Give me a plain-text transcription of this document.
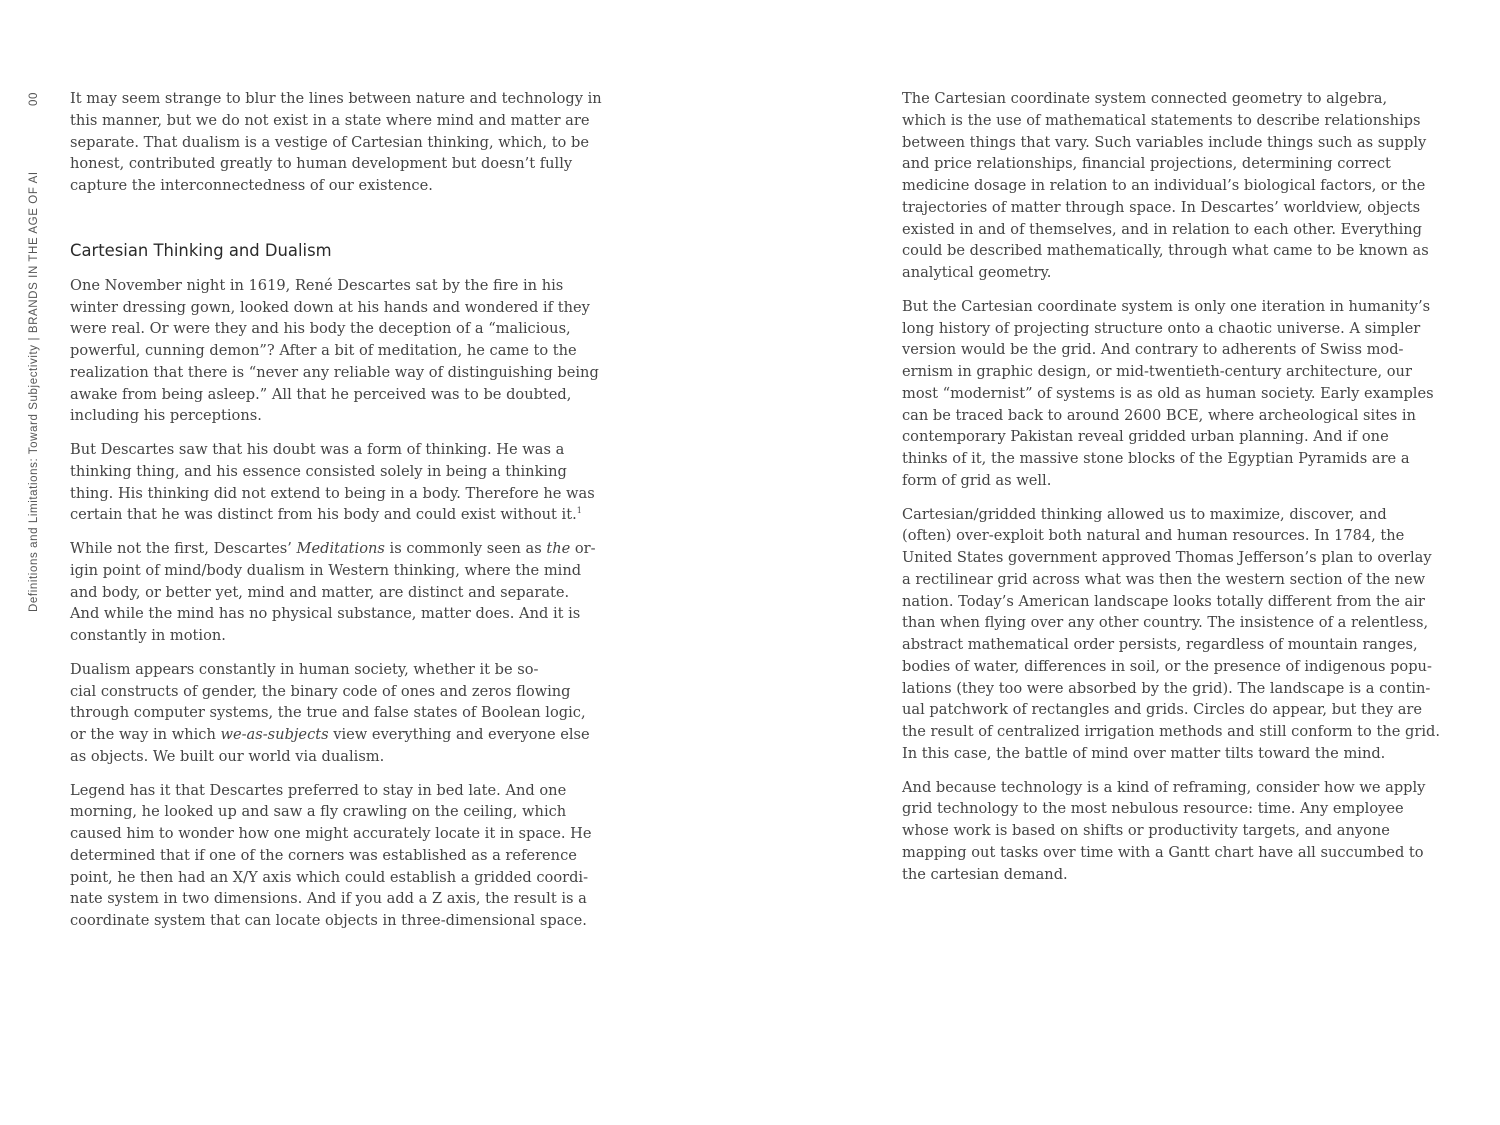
Definitions and Limitations: Toward Subjectivity | BRANDS IN THE AGE OF AI
00 It may seem strange to blur the lines between nature and technology in
this manner, but we do not exist in a state where mind and matter are
separate. That dualism is a vestige of Cartesian thinking, which, to be
honest, contributed greatly to human development but doesn’t fully
capture the interconnectedness of our existence.

Cartesian Thinking and Dualism

One November night in 1619, René Descartes sat by the fire in his
winter dressing gown, looked down at his hands and wondered if they
were real. Or were they and his body the deception of a “malicious,
powerful, cunning demon”? After a bit of meditation, he came to the
realization that there is “never any reliable way of distinguishing being
awake from being asleep.” All that he perceived was to be doubted,
including his perceptions.

But Descartes saw that his doubt was a form of thinking. He was a
thinking thing, and his essence consisted solely in being a thinking
thing. His thinking did not extend to being in a body. Therefore he was
certain that he was distinct from his body and could exist without it.$^1$

While not the first, Descartes’ Meditations is commonly seen as the or-
igin point of mind/body dualism in Western thinking, where the mind
and body, or better yet, mind and matter, are distinct and separate.
And while the mind has no physical substance, matter does. And it is
constantly in motion.

Dualism appears constantly in human society, whether it be so-
cial constructs of gender, the binary code of ones and zeros flowing
through computer systems, the true and false states of Boolean logic,
or the way in which we-as-subjects view everything and everyone else
as objects. We built our world via dualism.

Legend has it that Descartes preferred to stay in bed late. And one
morning, he looked up and saw a fly crawling on the ceiling, which
caused him to wonder how one might accurately locate it in space. He
determined that if one of the corners was established as a reference
point, he then had an X/Y axis which could establish a gridded coordi-
nate system in two dimensions. And if you add a Z axis, the result is a
coordinate system that can locate objects in three-dimensional space.

The Cartesian coordinate system connected geometry to algebra,
which is the use of mathematical statements to describe relationships
between things that vary. Such variables include things such as supply
and price relationships, financial projections, determining correct
medicine dosage in relation to an individual’s biological factors, or the
trajectories of matter through space. In Descartes’ worldview, objects
existed in and of themselves, and in relation to each other. Everything
could be described mathematically, through what came to be known as
analytical geometry.

But the Cartesian coordinate system is only one iteration in humanity’s
long history of projecting structure onto a chaotic universe. A simpler
version would be the grid. And contrary to adherents of Swiss mod-
ernism in graphic design, or mid-twentieth-century architecture, our
most “modernist” of systems is as old as human society. Early examples
can be traced back to around 2600 BCE, where archeological sites in
contemporary Pakistan reveal gridded urban planning. And if one
thinks of it, the massive stone blocks of the Egyptian Pyramids are a
form of grid as well.

Cartesian/gridded thinking allowed us to maximize, discover, and
(often) over-exploit both natural and human resources. In 1784, the
United States government approved Thomas Jefferson’s plan to overlay
a rectilinear grid across what was then the western section of the new
nation. Today’s American landscape looks totally different from the air
than when flying over any other country. The insistence of a relentless,
abstract mathematical order persists, regardless of mountain ranges,
bodies of water, differences in soil, or the presence of indigenous popu-
lations (they too were absorbed by the grid). The landscape is a contin-
ual patchwork of rectangles and grids. Circles do appear, but they are
the result of centralized irrigation methods and still conform to the grid.
In this case, the battle of mind over matter tilts toward the mind.

And because technology is a kind of reframing, consider how we apply
grid technology to the most nebulous resource: time. Any employee
whose work is based on shifts or productivity targets, and anyone
mapping out tasks over time with a Gantt chart have all succumbed to
the cartesian demand.
